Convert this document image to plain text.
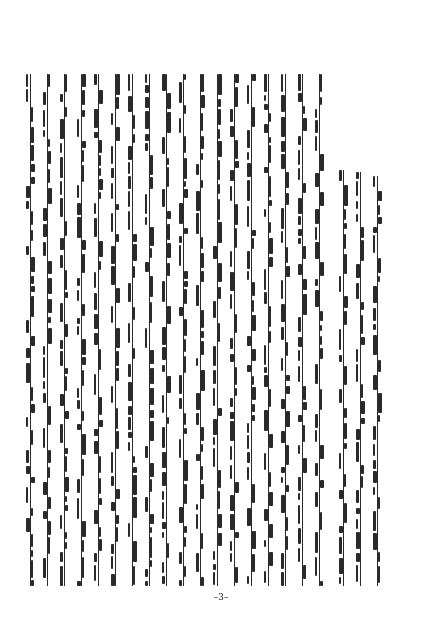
–3–
